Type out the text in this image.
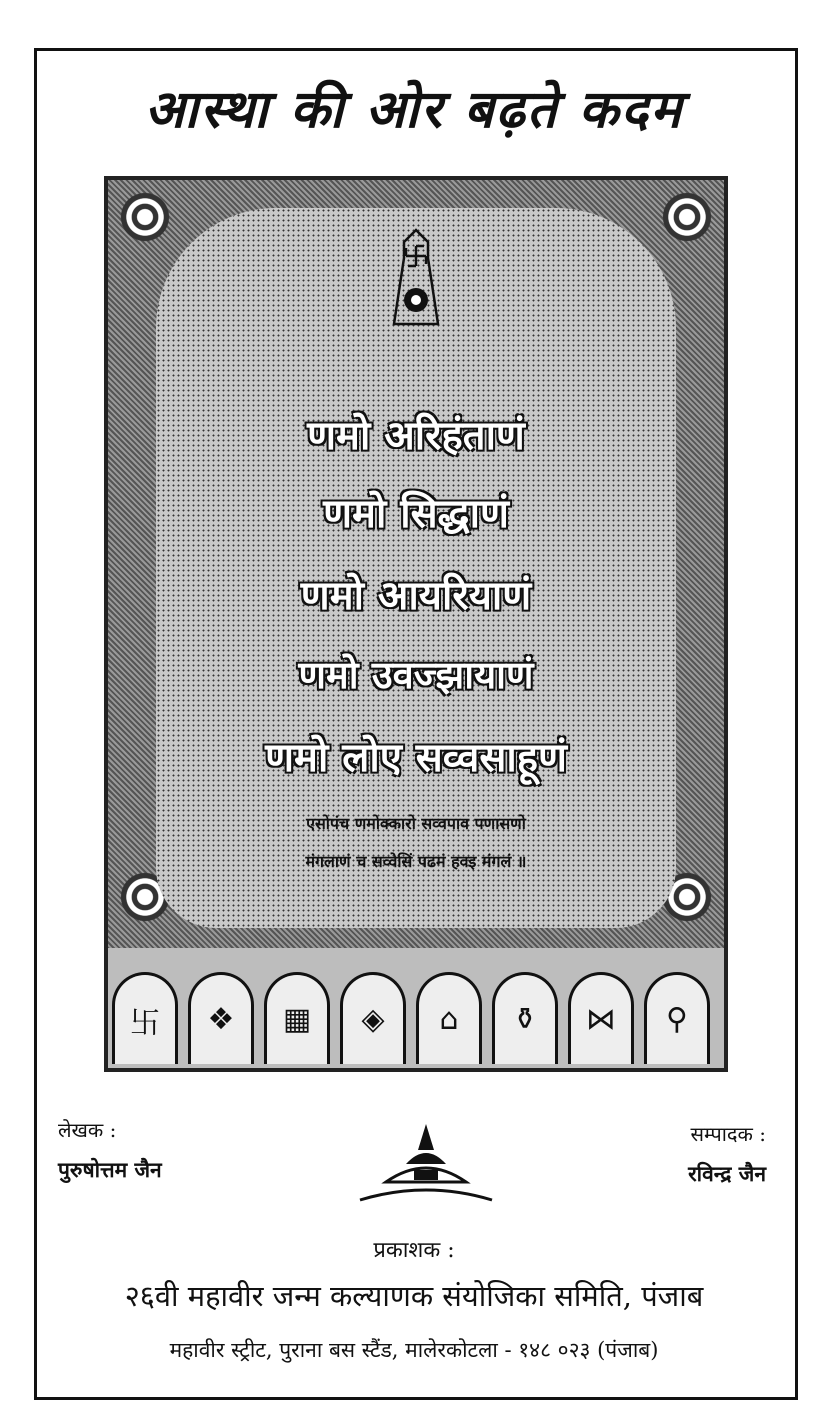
आस्था की ओर बढ़ते कदम
णमो अरिहंताणं
णमो सिद्धाणं
णमो आयरियाणं
णमो उवज्झायाणं
णमो लोए सव्वसाहूणं
एसोपंच णमोक्कारो सव्वपाव पणासणो
मंगलाणं च सव्वेसिं पढमं हवइ मंगलं ॥
卐	❖	▦	◈	⌂	⚱	⋈	⚲
लेखक :
पुरुषोत्तम जैन
सम्पादक :
रविन्द्र जैन
प्रकाशक :
२६वी महावीर जन्म कल्याणक संयोजिका समिति, पंजाब
महावीर स्ट्रीट, पुराना बस स्टैंड, मालेरकोटला - १४८ ०२३ (पंजाब)
